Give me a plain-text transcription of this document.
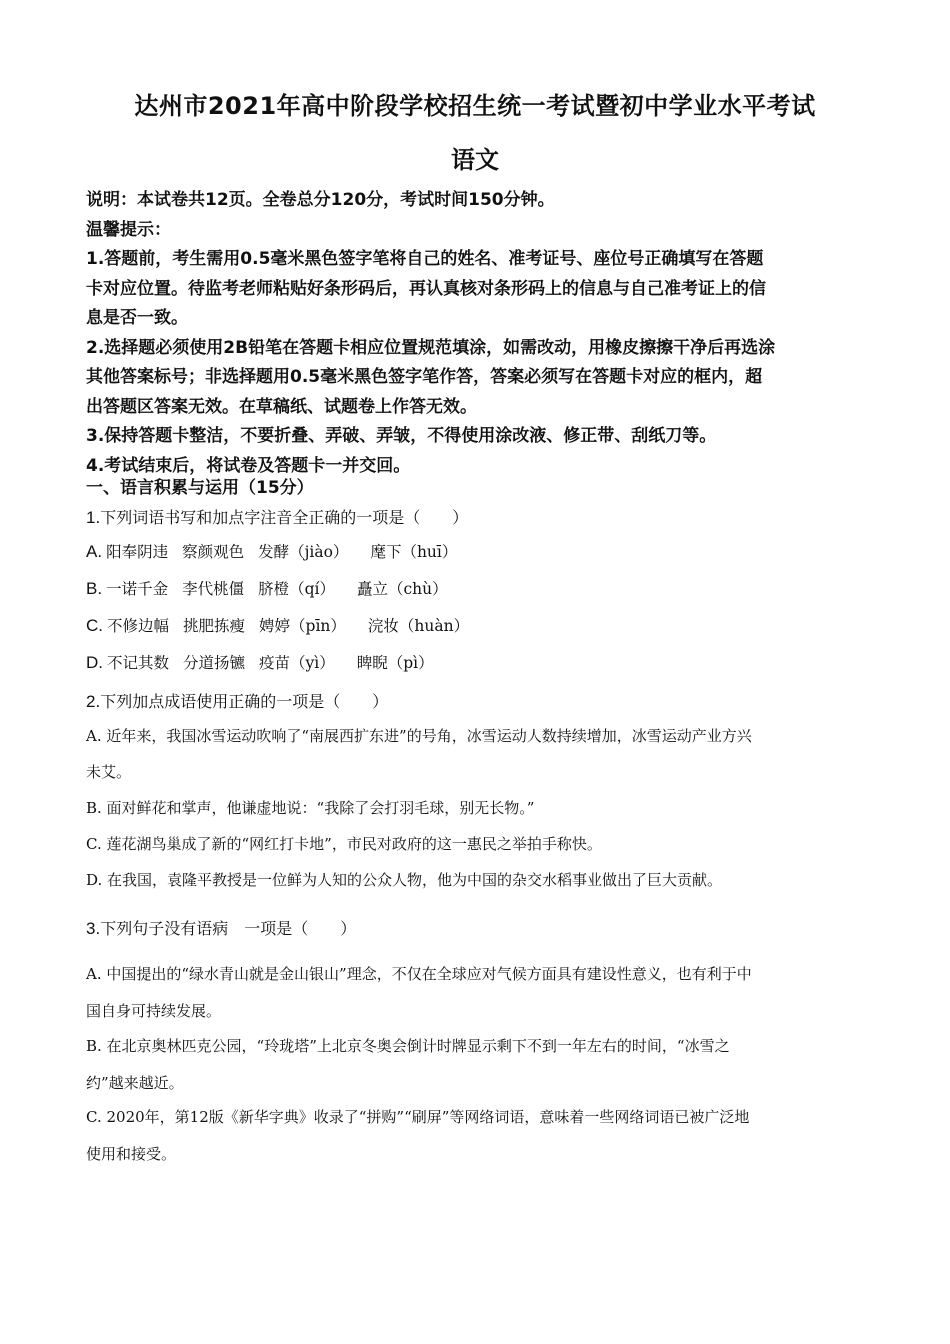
达州市2021年高中阶段学校招生统一考试暨初中学业水平考试
语文
说明：本试卷共12页。全卷总分120分，考试时间150分钟。
温馨提示：
1.答题前，考生需用0.5毫米黑色签字笔将自己的姓名、准考证号、座位号正确填写在答题
卡对应位置。待监考老师粘贴好条形码后，再认真核对条形码上的信息与自己准考证上的信
息是否一致。
2.选择题必须使用2B铅笔在答题卡相应位置规范填涂，如需改动，用橡皮擦擦干净后再选涂
其他答案标号；非选择题用0.5毫米黑色签字笔作答，答案必须写在答题卡对应的框内，超
出答题区答案无效。在草稿纸、试题卷上作答无效。
3.保持答题卡整洁，不要折叠、弄破、弄皱，不得使用涂改液、修正带、刮纸刀等。
4.考试结束后，将试卷及答题卡一并交回。
一、语言积累与运用（15分）
1.下列词语书写和加点字注音全正确的一项是（　　）
A. 阳奉阴违 察颜观色 发酵（jiào） 麾下（huī）
B. 一诺千金 李代桃僵 脐橙（qí） 矗立（chù）
C. 不修边幅 挑肥拣瘦 娉婷（pīn） 浣妆（huàn）
D. 不记其数 分道扬镳 疫苗（yì） 睥睨（pì）
2.下列加点成语使用正确的一项是（　　）
A. 近年来，我国冰雪运动吹响了“南展西扩东进”的号角，冰雪运动人数持续增加，冰雪运动产业方兴
未艾。
B. 面对鲜花和掌声，他谦虚地说：“我除了会打羽毛球，别无长物。”
C. 莲花湖鸟巢成了新的“网红打卡地”，市民对政府的这一惠民之举拍手称快。
D. 在我国，袁隆平教授是一位鲜为人知的公众人物，他为中国的杂交水稻事业做出了巨大贡献。
3.下列句子没有语病　一项是（　　）
A. 中国提出的“绿水青山就是金山银山”理念，不仅在全球应对气候方面具有建设性意义，也有利于中
国自身可持续发展。
B. 在北京奥林匹克公园，“玲珑塔”上北京冬奥会倒计时牌显示剩下不到一年左右的时间，“冰雪之
约”越来越近。
C. 2020年，第12版《新华字典》收录了“拼购”“刷屏”等网络词语，意味着一些网络词语已被广泛地
使用和接受。
